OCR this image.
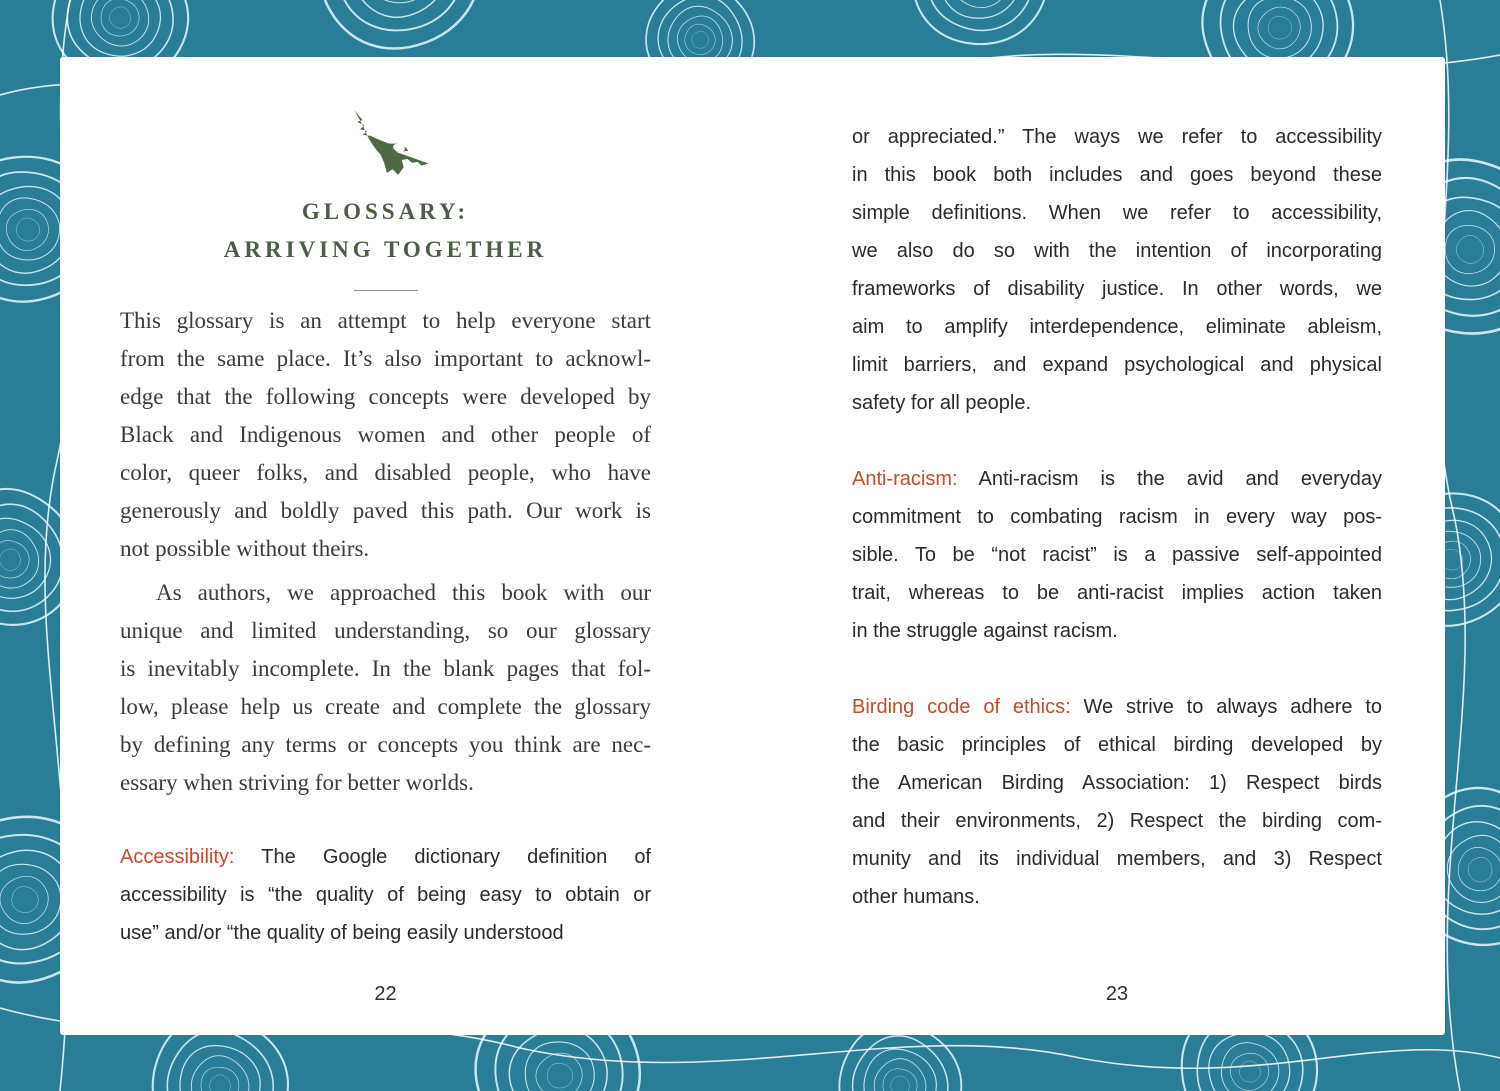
GLOSSARY:
ARRIVING TOGETHER
This glossary is an attempt to help everyone start
from the same place. It’s also important to acknowl-
edge that the following concepts were developed by
Black and Indigenous women and other people of
color, queer folks, and disabled people, who have
generously and boldly paved this path. Our work is
not possible without theirs.
As authors, we approached this book with our
unique and limited understanding, so our glossary
is inevitably incomplete. In the blank pages that fol-
low, please help us create and complete the glossary
by defining any terms or concepts you think are nec-
essary when striving for better worlds.
Accessibility: The Google dictionary definition of
accessibility is “the quality of being easy to obtain or
use” and/or “the quality of being easily understood
22
or appreciated.” The ways we refer to accessibility
in this book both includes and goes beyond these
simple definitions. When we refer to accessibility,
we also do so with the intention of incorporating
frameworks of disability justice. In other words, we
aim to amplify interdependence, eliminate ableism,
limit barriers, and expand psychological and physical
safety for all people.
Anti-racism: Anti-racism is the avid and everyday
commitment to combating racism in every way pos-
sible. To be “not racist” is a passive self-appointed
trait, whereas to be anti-racist implies action taken
in the struggle against racism.
Birding code of ethics: We strive to always adhere to
the basic principles of ethical birding developed by
the American Birding Association: 1) Respect birds
and their environments, 2) Respect the birding com-
munity and its individual members, and 3) Respect
other humans.
23
